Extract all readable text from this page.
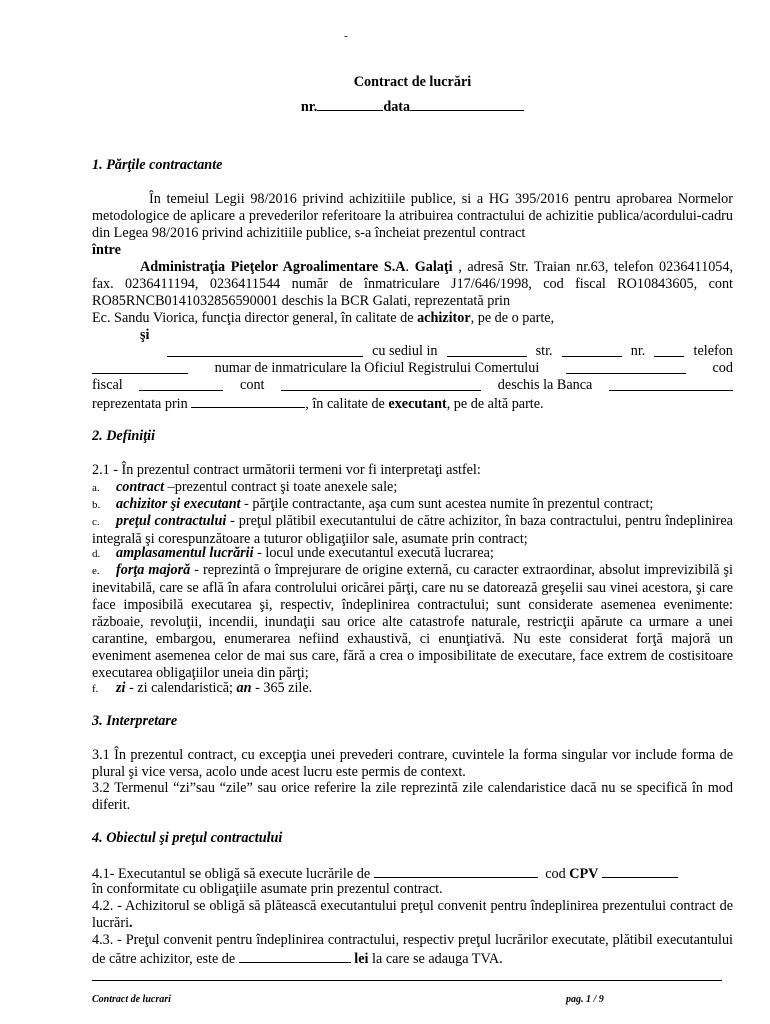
-
Contract de lucrări
nr.	data
1. Părţile contractante
În temeiul Legii 98/2016 privind achizitiile publice, si a HG 395/2016 pentru aprobarea Normelor metodologice de aplicare a prevederilor referitoare la atribuirea contractului de achizitie publica/acordului-cadru din Legea 98/2016 privind achizitiile publice, s-a încheiat prezentul contract
între
Administraţia Pieţelor Agroalimentare S.A. Galaţi , adresă Str. Traian nr.63, telefon 0236411054, fax. 0236411194, 0236411544 număr de înmatriculare J17/646/1998, cod fiscal RO10843605, cont RO85RNCB0141032856590001 deschis la BCR Galati, reprezentată prin
Ec. Sandu Viorica, funcţia director general, în calitate de achizitor, pe de o parte,
şi
cu sediul in	str.	nr.	telefon
numar de inmatriculare la Oficiul Registrului Comertului	cod
fiscal	cont	deschis la Banca
reprezentata prin	, în calitate de executant, pe de altă parte.
2. Definiţii
2.1 - În prezentul contract următorii termeni vor fi interpretaţi astfel:
a. contract –prezentul contract şi toate anexele sale;
b. achizitor şi executant - părţile contractante, aşa cum sunt acestea numite în prezentul contract;
c. preţul contractului - preţul plătibil executantului de către achizitor, în baza contractului, pentru îndeplinirea integrală şi corespunzătoare a tuturor obligaţiilor sale, asumate prin contract;
d. amplasamentul lucrării - locul unde executantul execută lucrarea;
e. forţa majoră - reprezintă o împrejurare de origine externă, cu caracter extraordinar, absolut imprevizibilă şi inevitabilă, care se află în afara controlului oricărei părţi, care nu se datorează greşelii sau vinei acestora, şi care face imposibilă executarea şi, respectiv, îndeplinirea contractului; sunt considerate asemenea evenimente: războaie, revoluţii, incendii, inundaţii sau orice alte catastrofe naturale, restricţii apărute ca urmare a unei carantine, embargou, enumerarea nefiind exhaustivă, ci enunţiativă. Nu este considerat forţă majoră un eveniment asemenea celor de mai sus care, fără a crea o imposibilitate de executare, face extrem de costisitoare executarea obligaţiilor uneia din părţi;
f. zi - zi calendaristică; an - 365 zile.
3. Interpretare
3.1 În prezentul contract, cu excepţia unei prevederi contrare, cuvintele la forma singular vor include forma de plural şi vice versa, acolo unde acest lucru este permis de context.
3.2 Termenul “zi”sau “zile” sau orice referire la zile reprezintă zile calendaristice dacă nu se specifică în mod diferit.
4. Obiectul şi preţul contractului
4.1- Executantul se obligă să execute lucrările de	cod CPV
în conformitate cu obligaţiile asumate prin prezentul contract.
4.2. - Achizitorul se obligă să plătească executantului preţul convenit pentru îndeplinirea prezentului contract de lucrări.
4.3. - Preţul convenit pentru îndeplinirea contractului, respectiv preţul lucrărilor executate, plătibil executantului de către achizitor, este de	lei la care se adauga TVA.
Contract de lucrari	pag. 1 / 9
